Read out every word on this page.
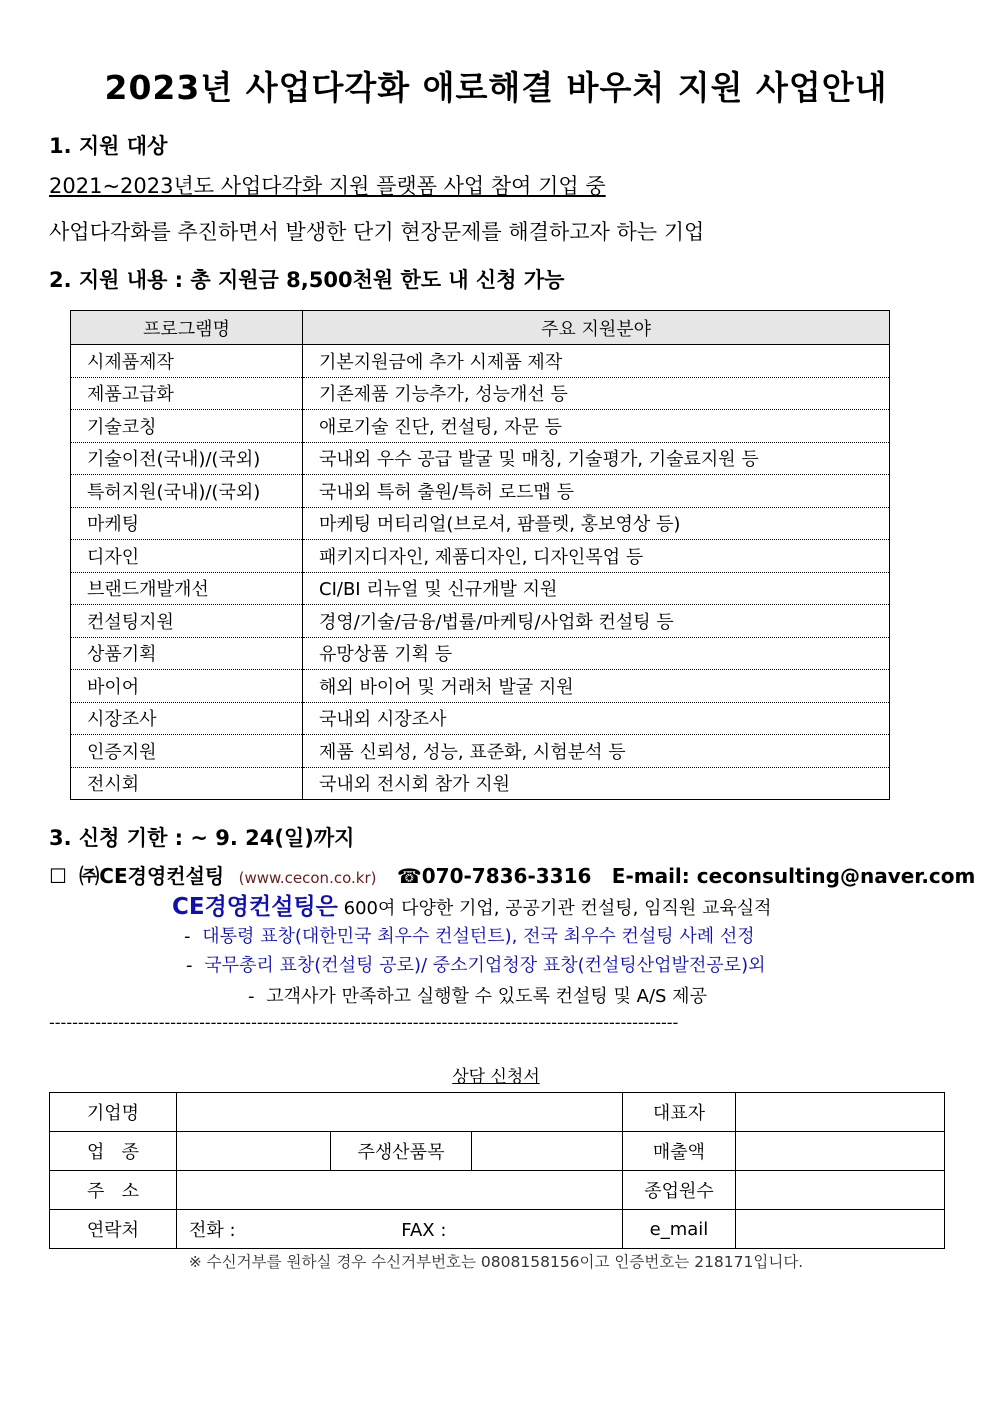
2023년 사업다각화 애로해결 바우처 지원 사업안내
1. 지원 대상
2021~2023년도 사업다각화 지원 플랫폼 사업 참여 기업 중
사업다각화를 추진하면서 발생한 단기 현장문제를 해결하고자 하는 기업
2. 지원 내용 : 총 지원금 8,500천원 한도 내 신청 가능
프로그램명	주요 지원분야
시제품제작	기본지원금에 추가 시제품 제작
제품고급화	기존제품 기능추가, 성능개선 등
기술코칭	애로기술 진단, 컨설팅, 자문 등
기술이전(국내)/(국외)	국내외 우수 공급 발굴 및 매칭, 기술평가, 기술료지원 등
특허지원(국내)/(국외)	국내외 특허 출원/특허 로드맵 등
마케팅	마케팅 머티리얼(브로셔, 팜플렛, 홍보영상 등)
디자인	패키지디자인, 제품디자인, 디자인목업 등
브랜드개발개선	CI/BI 리뉴얼 및 신규개발 지원
컨설팅지원	경영/기술/금융/법률/마케팅/사업화 컨설팅 등
상품기획	유망상품 기획 등
바이어	해외 바이어 및 거래처 발굴 지원
시장조사	국내외 시장조사
인증지원	제품 신뢰성, 성능, 표준화, 시험분석 등
전시회	국내외 전시회 참가 지원
3. 신청 기한 : ~ 9. 24(일)까지
☐ ㈜CE경영컨설팅 (www.cecon.co.kr) ☎070-7836-3316 E-mail: ceconsulting@naver.com
CE경영컨설팅은 600여 다양한 기업, 공공기관 컨설팅, 임직원 교육실적
- 대통령 표창(대한민국 최우수 컨설턴트), 전국 최우수 컨설팅 사례 선정
- 국무총리 표창(컨설팅 공로)/ 중소기업청장 표창(컨설팅산업발전공로)외
- 고객사가 만족하고 실행할 수 있도록 컨설팅 및 A/S 제공
-------------------------------------------------------------------------------------------------------------
상담 신청서
기업명				대표자	
업   종		주생산품목		매출액	
주   소				종업원수	
연락처	전화 : FAX :			e_mail	
※ 수신거부를 원하실 경우 수신거부번호는 0808158156이고 인증번호는 218171입니다.
